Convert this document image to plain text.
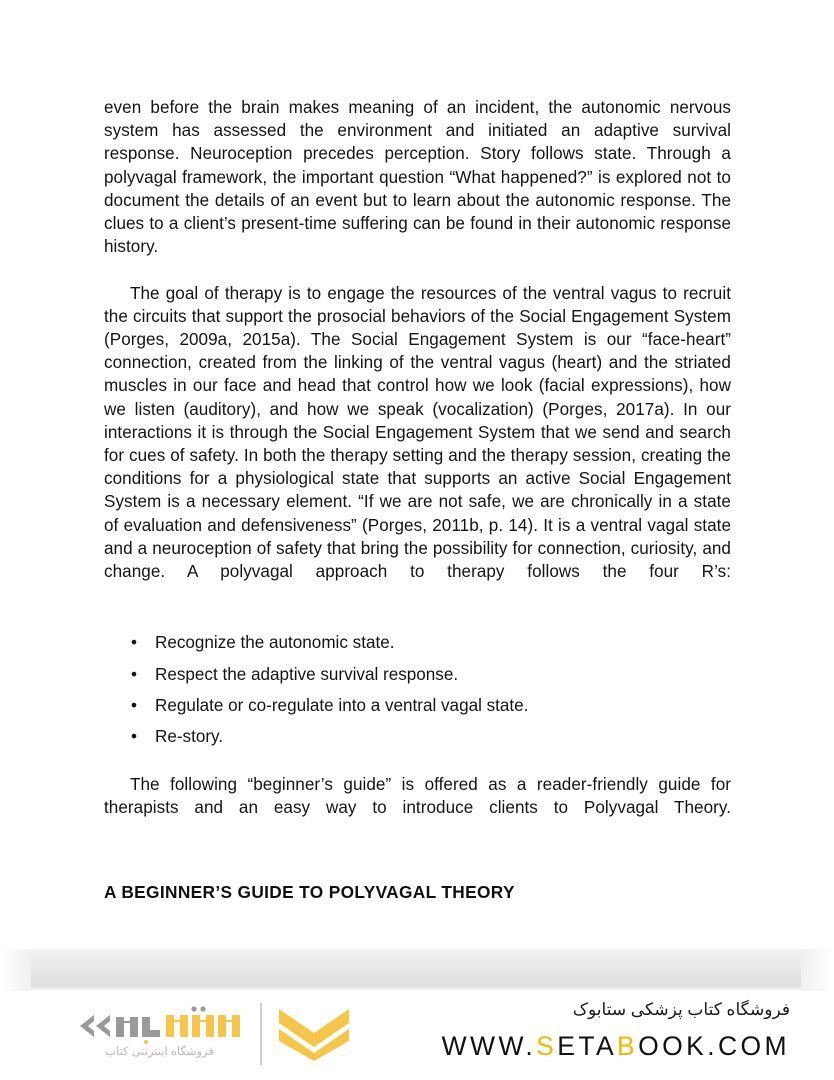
even before the brain makes meaning of an incident, the autonomic nervous system has assessed the environment and initiated an adaptive survival response. Neuroception precedes perception. Story follows state. Through a polyvagal framework, the important question “What happened?” is explored not to document the details of an event but to learn about the autonomic response. The clues to a client’s present-time suffering can be found in their autonomic response history.

The goal of therapy is to engage the resources of the ventral vagus to recruit the circuits that support the prosocial behaviors of the Social Engagement System (Porges, 2009a, 2015a). The Social Engagement System is our “face-heart” connection, created from the linking of the ventral vagus (heart) and the striated muscles in our face and head that control how we look (facial expressions), how we listen (auditory), and how we speak (vocalization) (Porges, 2017a). In our interactions it is through the Social Engagement System that we send and search for cues of safety. In both the therapy setting and the therapy session, creating the conditions for a physiological state that supports an active Social Engagement System is a necessary element. “If we are not safe, we are chronically in a state of evaluation and defensiveness” (Porges, 2011b, p. 14). It is a ventral vagal state and a neuroception of safety that bring the possibility for connection, curiosity, and change. A polyvagal approach to therapy follows the four R’s:

• Recognize the autonomic state.
• Respect the adaptive survival response.
• Regulate or co-regulate into a ventral vagal state.
• Re-story.

The following “beginner’s guide” is offered as a reader-friendly guide for therapists and an easy way to introduce clients to Polyvagal Theory.

A BEGINNER’S GUIDE TO POLYVAGAL THEORY
فروشگاه اینترنتی کتاب
فروشگاه کتاب پزشکی ستابوک
WWW.SETABOOK.COM
